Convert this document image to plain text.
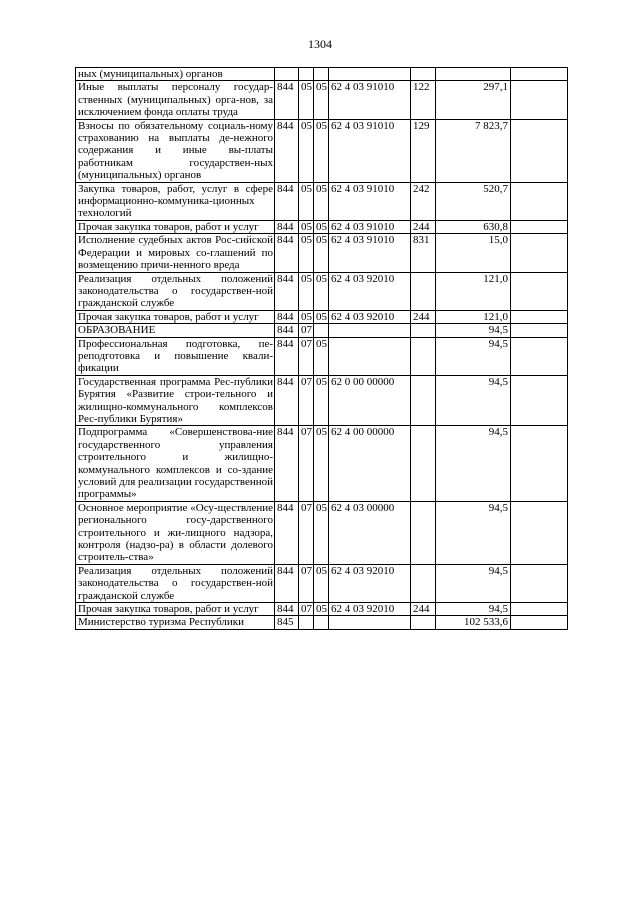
1304
ных (муниципальных) органов							
Иные выплаты персоналу государ-ственных (муниципальных) орга-нов, за исключением фонда оплаты труда	844	05	05	62 4 03 91010	122	297,1	
Взносы по обязательному социаль-ному страхованию на выплаты де-нежного содержания и иные вы-платы работникам государствен-ных (муниципальных) органов	844	05	05	62 4 03 91010	129	7 823,7	
Закупка товаров, работ, услуг в сфере информационно-коммуника-ционных технологий	844	05	05	62 4 03 91010	242	520,7	
Прочая закупка товаров, работ и услуг	844	05	05	62 4 03 91010	244	630,8	
Исполнение судебных актов Рос-сийской Федерации и мировых со-глашений по возмещению причи-ненного вреда	844	05	05	62 4 03 91010	831	15,0	
Реализация отдельных положений законодательства о государствен-ной гражданской службе	844	05	05	62 4 03 92010		121,0	
Прочая закупка товаров, работ и услуг	844	05	05	62 4 03 92010	244	121,0	
ОБРАЗОВАНИЕ	844	07				94,5	
Профессиональная подготовка, пе-реподготовка и повышение квали-фикации	844	07	05			94,5	
Государственная программа Рес-публики Бурятия «Развитие строи-тельного и жилищно-коммунального комплексов Рес-публики Бурятия»	844	07	05	62 0 00 00000		94,5	
Подпрограмма «Совершенствова-ние государственного управления строительного и жилищно-коммунального комплексов и со-здание условий для реализации государственной программы»	844	07	05	62 4 00 00000		94,5	
Основное мероприятие «Осу-ществление регионального госу-дарственного строительного и жи-лищного надзора, контроля (надзо-ра) в области долевого строитель-ства»	844	07	05	62 4 03 00000		94,5	
Реализация отдельных положений законодательства о государствен-ной гражданской службе	844	07	05	62 4 03 92010		94,5	
Прочая закупка товаров, работ и услуг	844	07	05	62 4 03 92010	244	94,5	
Министерство туризма Республики	845					102 533,6	
